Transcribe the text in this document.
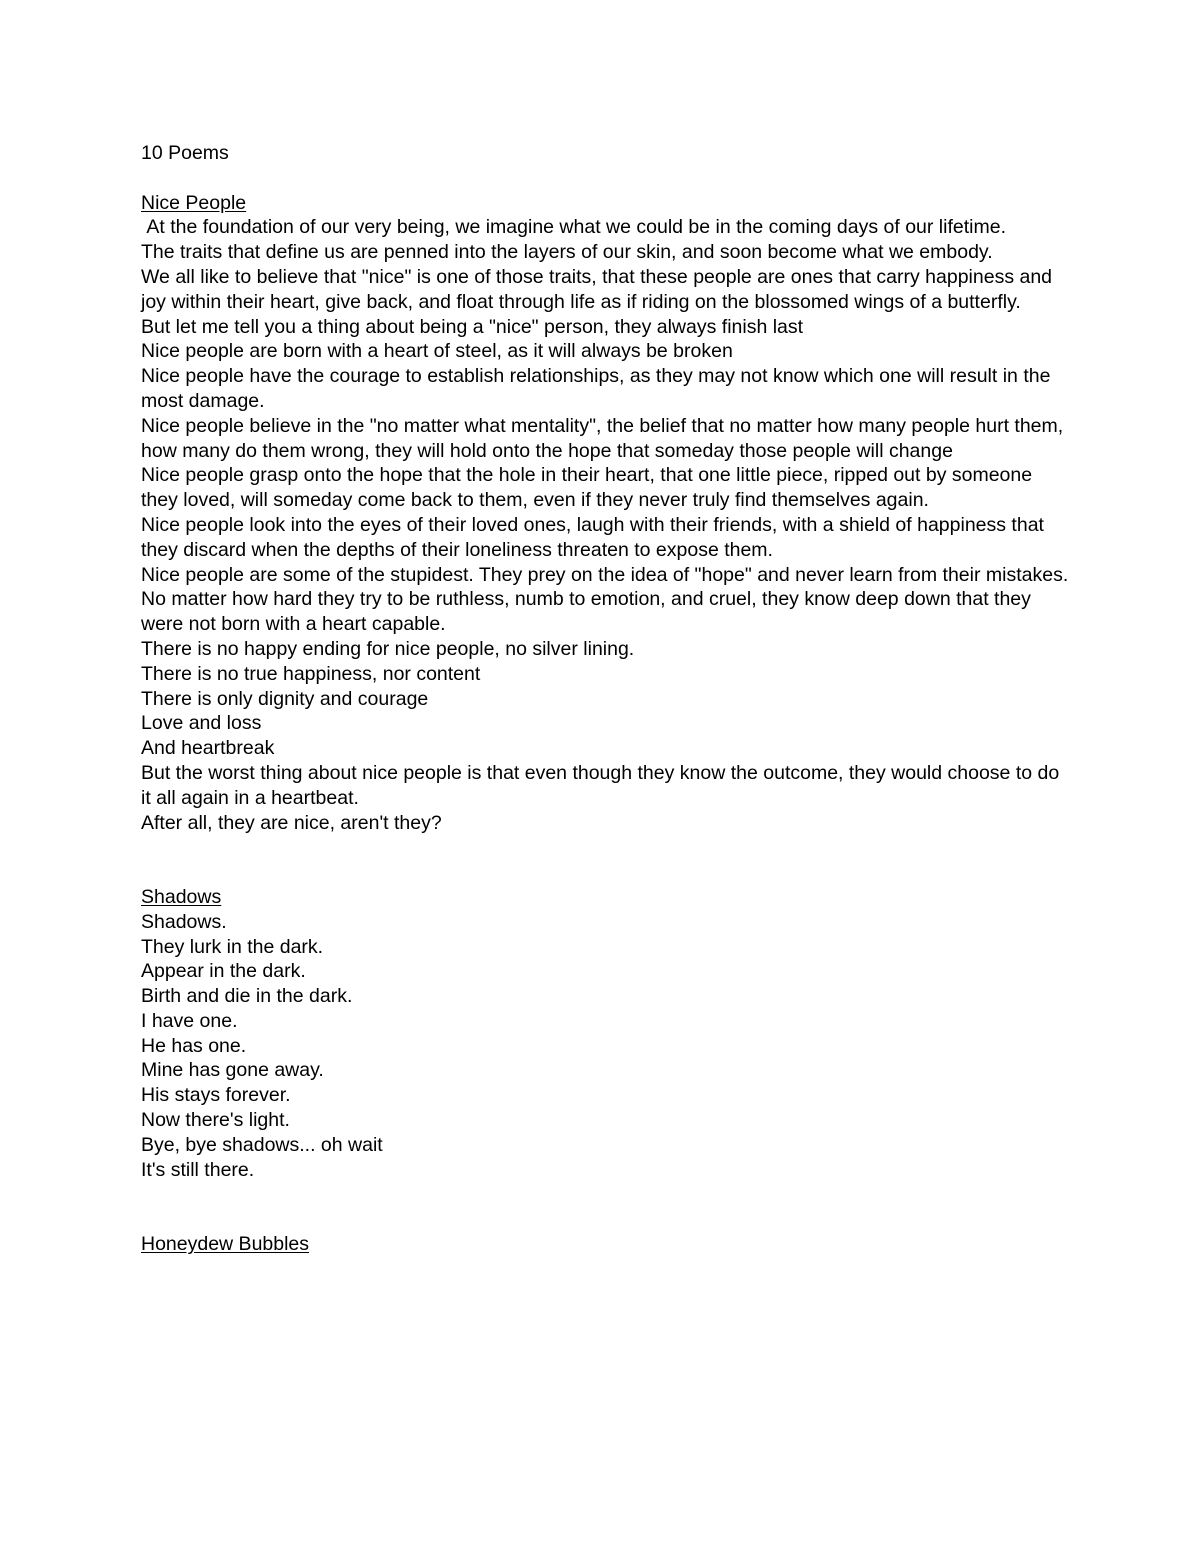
10 Poems
Nice People

At the foundation of our very being, we imagine what we could be in the coming days of our lifetime.

The traits that define us are penned into the layers of our skin, and soon become what we embody.

We all like to believe that "nice" is one of those traits, that these people are ones that carry happiness and joy within their heart, give back, and float through life as if riding on the blossomed wings of a butterfly.

But let me tell you a thing about being a "nice" person, they always finish last

Nice people are born with a heart of steel, as it will always be broken

Nice people have the courage to establish relationships, as they may not know which one will result in the most damage.

Nice people believe in the "no matter what mentality", the belief that no matter how many people hurt them, how many do them wrong, they will hold onto the hope that someday those people will change

Nice people grasp onto the hope that the hole in their heart, that one little piece, ripped out by someone they loved, will someday come back to them, even if they never truly find themselves again.

Nice people look into the eyes of their loved ones, laugh with their friends, with a shield of happiness that they discard when the depths of their loneliness threaten to expose them.

Nice people are some of the stupidest. They prey on the idea of "hope" and never learn from their mistakes.

No matter how hard they try to be ruthless, numb to emotion, and cruel, they know deep down that they were not born with a heart capable.

There is no happy ending for nice people, no silver lining.

There is no true happiness, nor content

There is only dignity and courage

Love and loss

And heartbreak

But the worst thing about nice people is that even though they know the outcome, they would choose to do it all again in a heartbeat.

After all, they are nice, aren't they?

Shadows

Shadows.

They lurk in the dark.

Appear in the dark.

Birth and die in the dark.

I have one.

He has one.

Mine has gone away.

His stays forever.

Now there's light.

Bye, bye shadows... oh wait

It's still there.

Honeydew Bubbles
